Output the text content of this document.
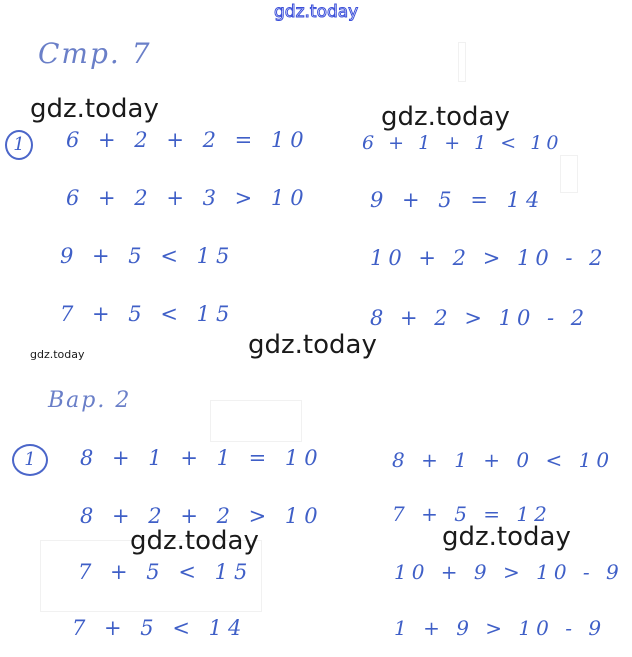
gdz.today
gdz.today	gdz.today
gdz.today
gdz.today
gdz.today	gdz.today
Стр. 7
1 6 + 2 + 2 = 10
6 + 2 + 3 > 10
9 + 5 < 15
7 + 5 < 15
6 + 1 + 1 < 10
9 + 5 = 14
10 + 2 > 10 - 2
8 + 2 > 10 - 2
Вар. 2
1	8 + 1 + 1 = 10
8 + 2 + 2 > 10
7 + 5 < 15
7 + 5 < 14
8 + 1 + 0 < 10
7 + 5 = 12
10 + 9 > 10 - 9
1 + 9 > 10 - 9
